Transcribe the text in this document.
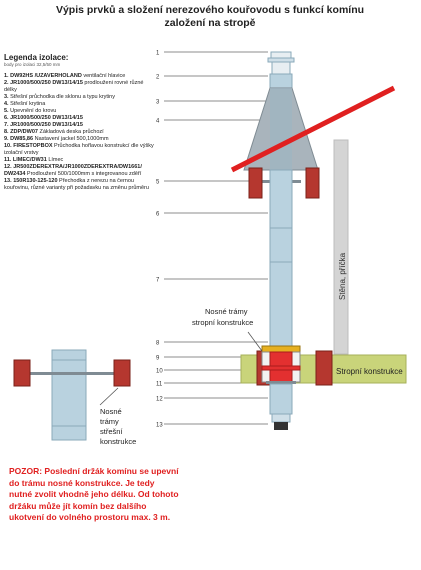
Výpis prvků a složení nerezového kouřovodu s funkcí komínu
založení na stropě
Legenda izolace:
body pro izolaci 32,5/50 mm
1. DW92HS /UZAVERHOLAND ventilační hlavice
2. JR1000/500/250 DW13/14/15 prodlouženi rovné různé délky
3. Střešní průchodka dle sklonu a typu krytiny
4. Střešní krytina
5. Upevnění do krovu
6. JR1000/500/250 DW13/14/15
7. JR1000/500/250 DW13/14/15
8. ZDP/DW07 Základová deska průchozí
9. DW85,86 Nastavení jackel 500,1000mm
10. FIRESTOPBOX Průchodka hořlavou konstrukcí dle výšky izolační vrstvy
11. LIMEC/DW31 Límec
12. JR500ZDEREXTRA/JR1000ZDEREXTRA/DW1661/ DW2434 Prodloužení 500/1000mm s integrovanou zděří
13. 150R130-125-120 Přechodka z nerezu na černou kouřovinu, různé varianty při požadavku na změnu průměru
1
2
3
4
5
6
7
8
9
10
11
12
13
Stěna, příčka
Stropní konstrukce
Nosné trámy
stropní konstrukce
Nosné
trámy
střešní
konstrukce
POZOR: Poslední držák komínu se upevní do trámu nosné konstrukce. Je tedy nutné zvolit vhodně jeho délku. Od tohoto držáku může jít komín bez dalšího ukotvení do volného prostoru max. 3 m.
